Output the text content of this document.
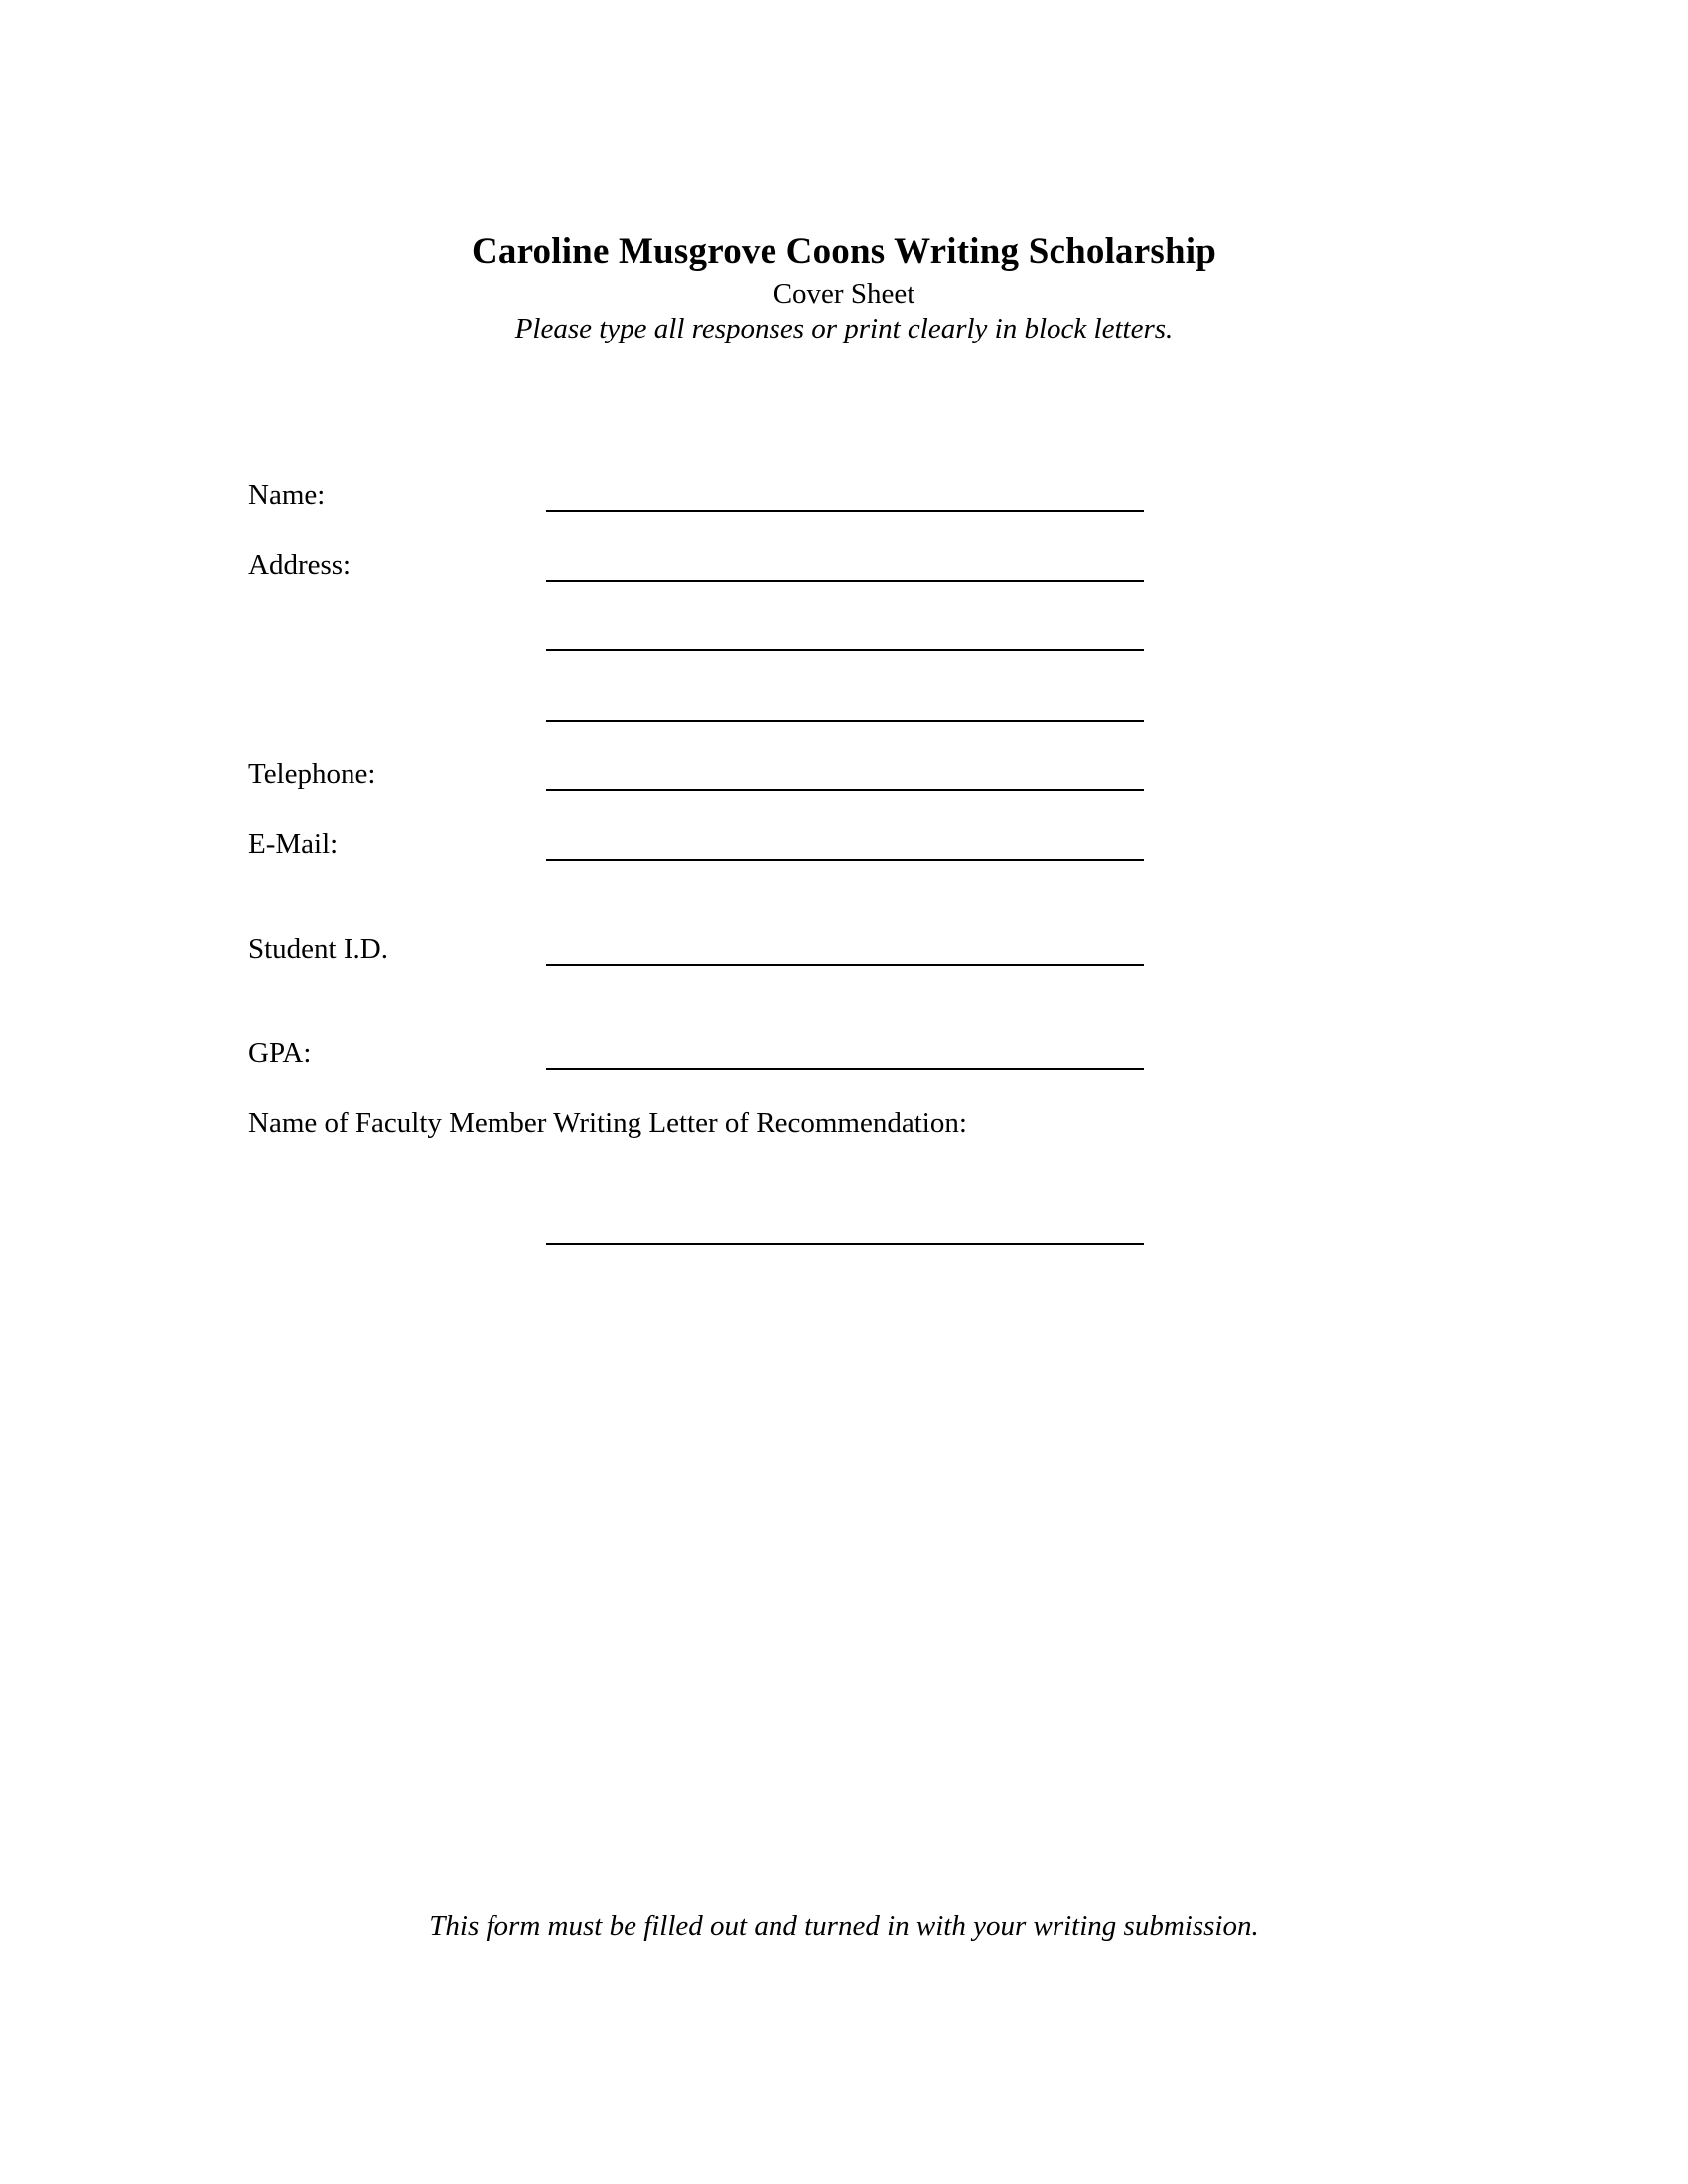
Caroline Musgrove Coons Writing Scholarship
Cover Sheet
Please type all responses or print clearly in block letters.
Name:
Address:
Telephone:
E-Mail:
Student I.D.
GPA:
Name of Faculty Member Writing Letter of Recommendation:
This form must be filled out and turned in with your writing submission.
